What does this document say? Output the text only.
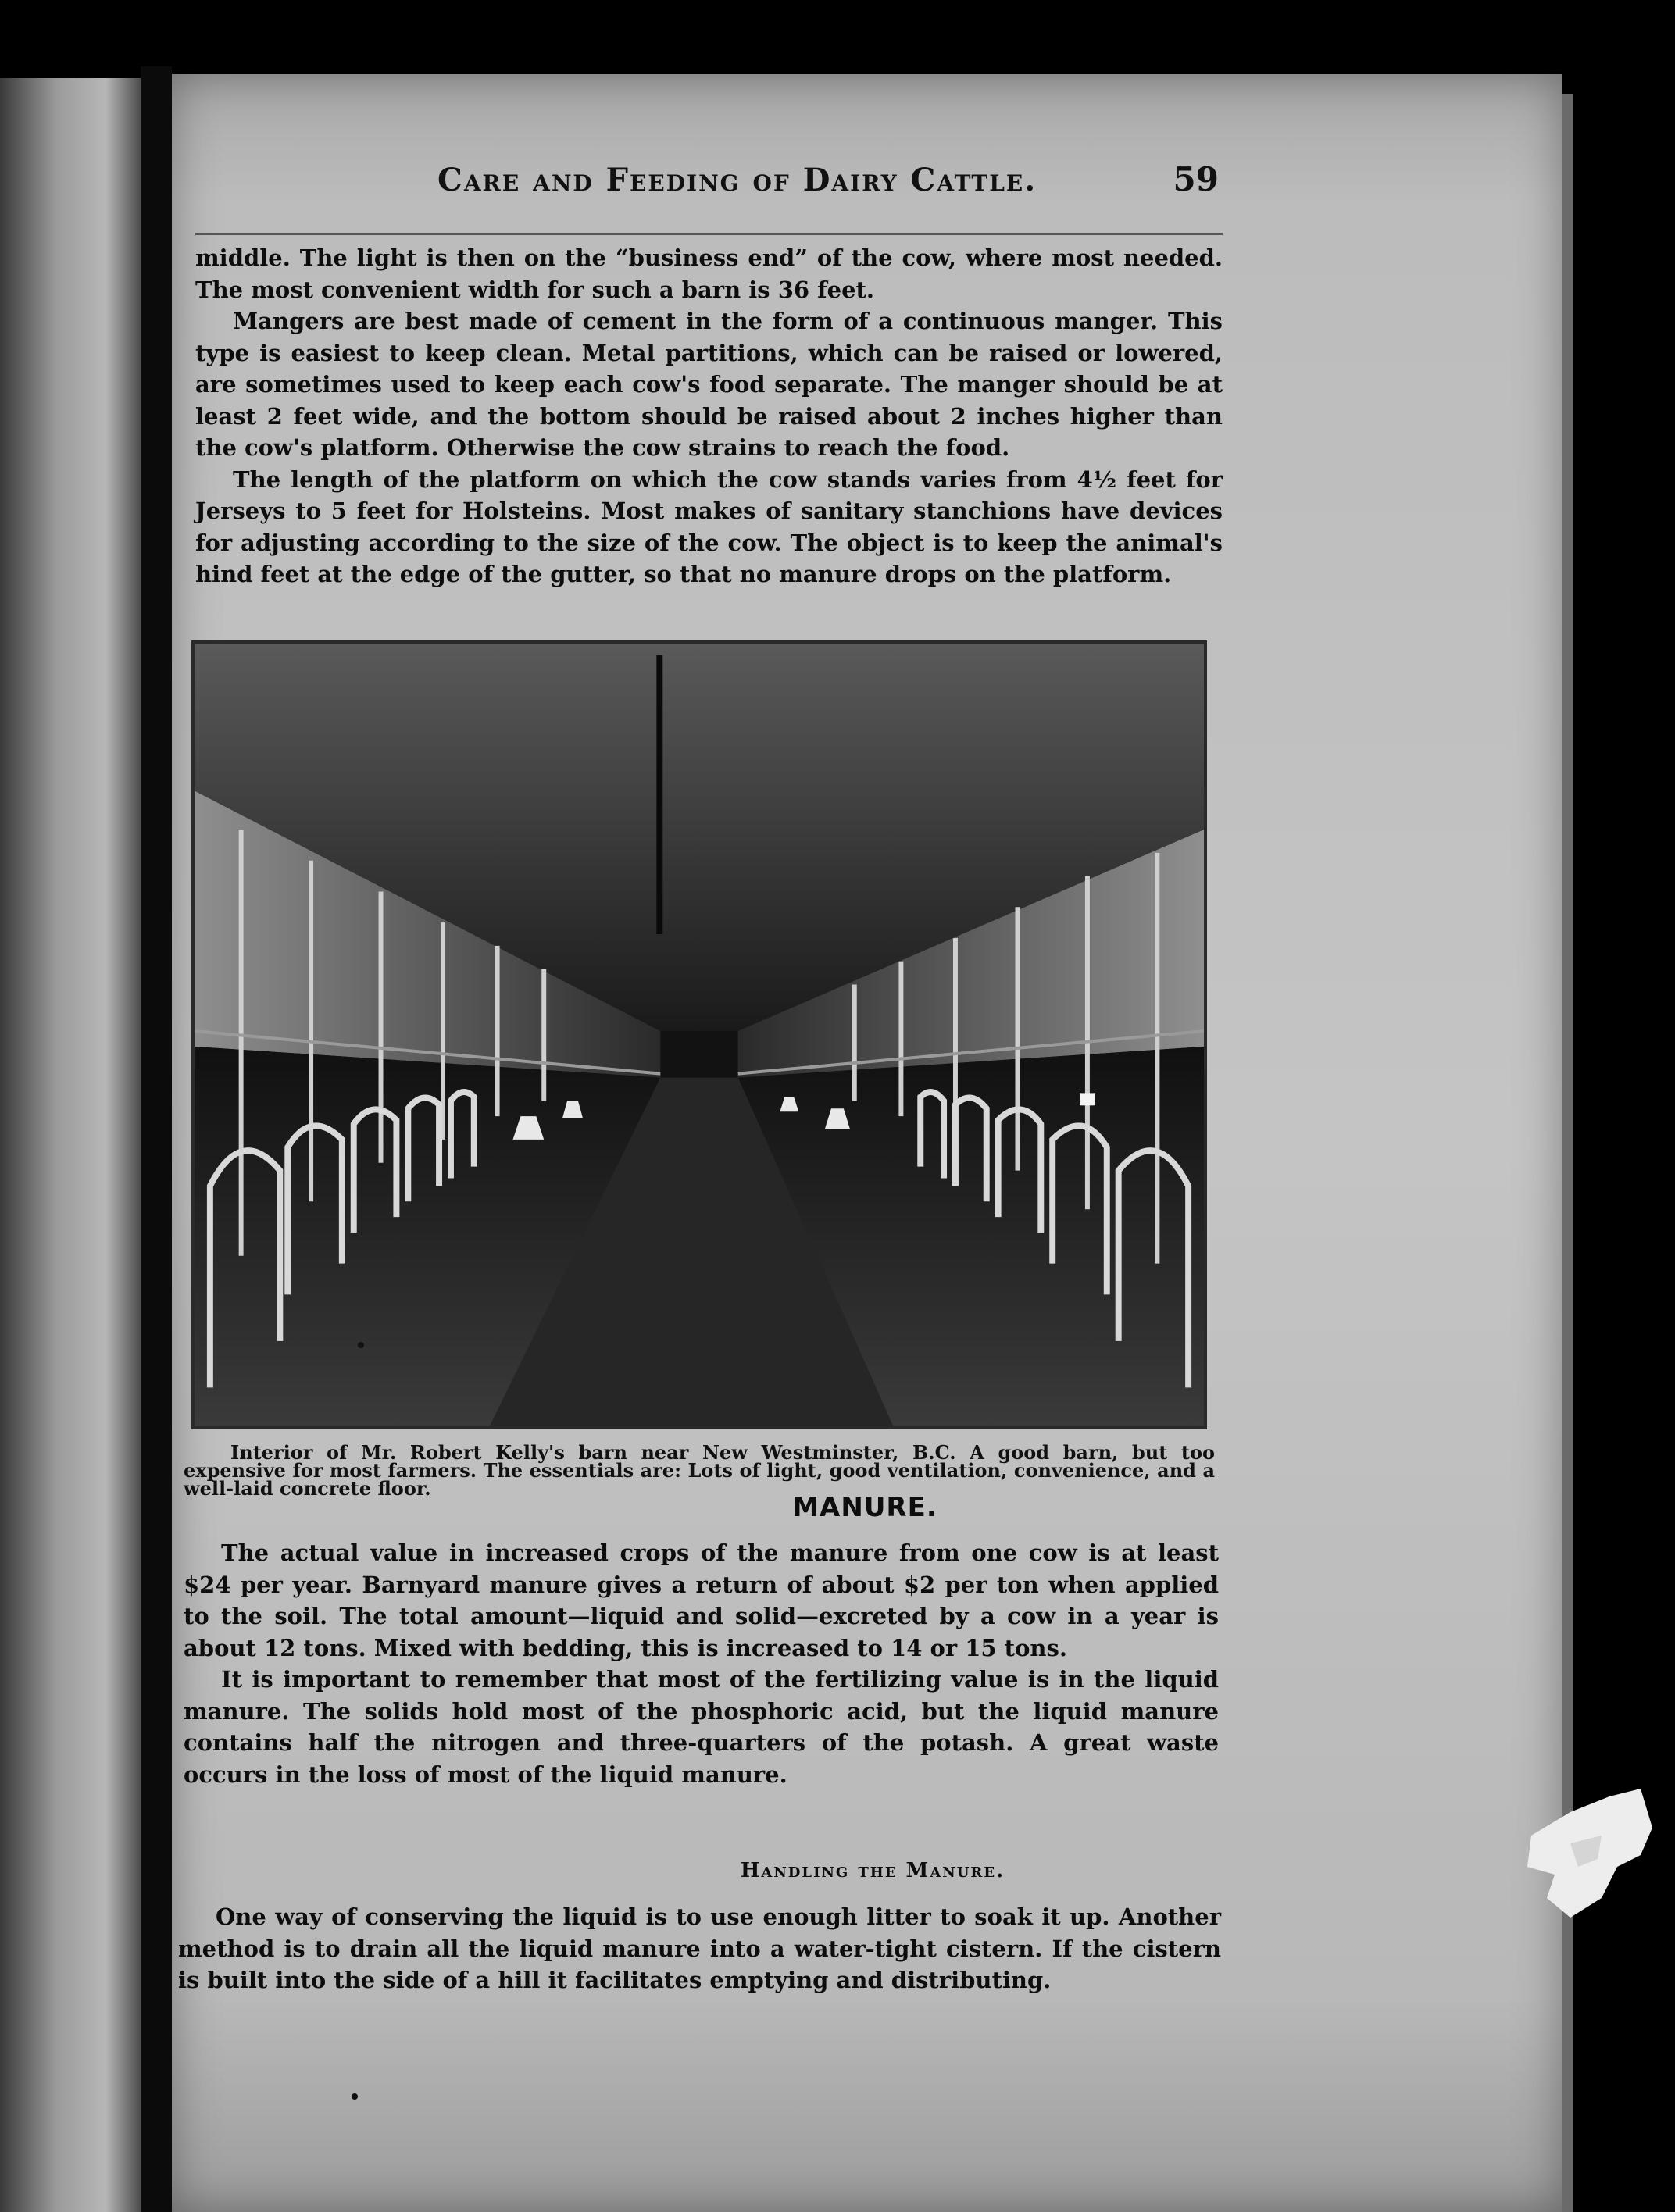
Care and Feeding of Dairy Cattle.	59

middle. The light is then on the “business end” of the cow, where most needed. The most convenient width for such a barn is 36 feet.

Mangers are best made of cement in the form of a continuous manger. This type is easiest to keep clean. Metal partitions, which can be raised or lowered, are sometimes used to keep each cow's food separate. The manger should be at least 2 feet wide, and the bottom should be raised about 2 inches higher than the cow's platform. Otherwise the cow strains to reach the food.

The length of the platform on which the cow stands varies from 4½ feet for Jerseys to 5 feet for Holsteins. Most makes of sanitary stanchions have devices for adjusting according to the size of the cow. The object is to keep the animal's hind feet at the edge of the gutter, so that no manure drops on the platform.

Interior of Mr. Robert Kelly's barn near New Westminster, B.C. A good barn, but too expensive for most farmers. The essentials are: Lots of light, good ventilation, convenience, and a well-laid concrete floor.
MANURE.

The actual value in increased crops of the manure from one cow is at least $24 per year. Barnyard manure gives a return of about $2 per ton when applied to the soil. The total amount—liquid and solid—excreted by a cow in a year is about 12 tons. Mixed with bedding, this is increased to 14 or 15 tons.

It is important to remember that most of the fertilizing value is in the liquid manure. The solids hold most of the phosphoric acid, but the liquid manure contains half the nitrogen and three-quarters of the potash. A great waste occurs in the loss of most of the liquid manure.

Handling the Manure.

One way of conserving the liquid is to use enough litter to soak it up. Another method is to drain all the liquid manure into a water-tight cistern. If the cistern is built into the side of a hill it facilitates emptying and distributing.
